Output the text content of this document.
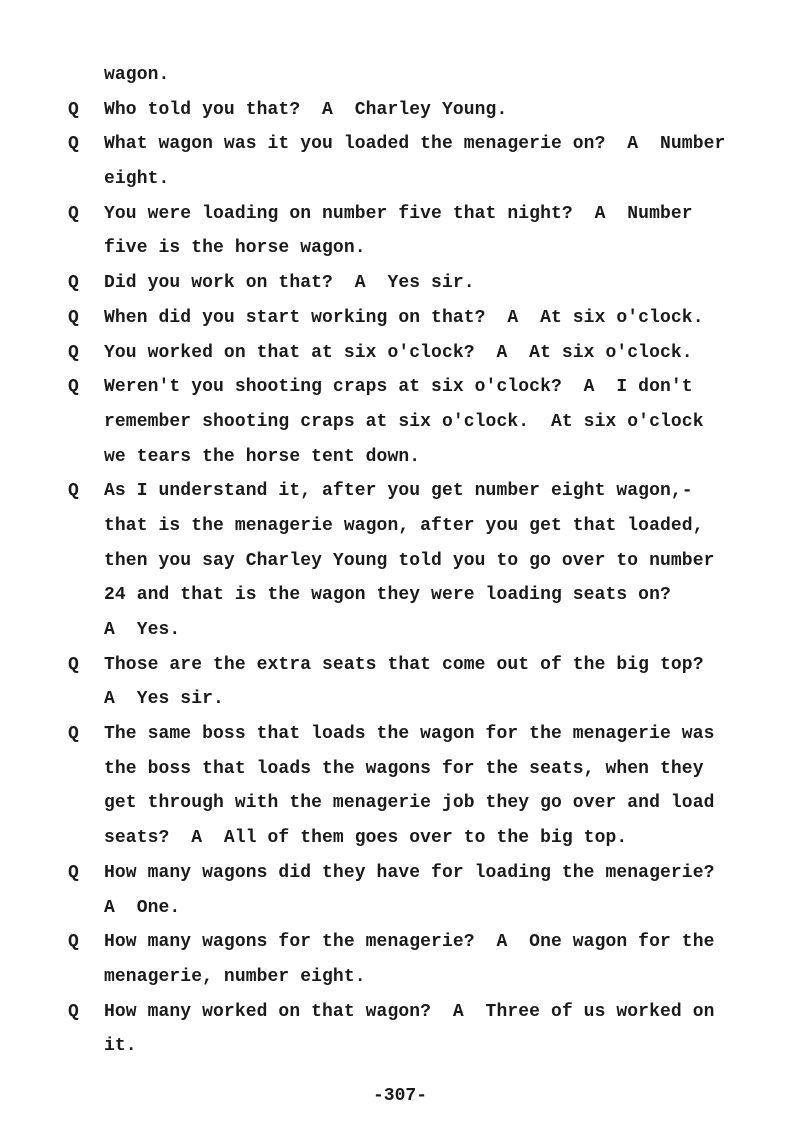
wagon.
Q Who told you that?  A  Charley Young.
Q What wagon was it you loaded the menagerie on?  A  Number
eight.
Q You were loading on number five that night?  A  Number
five is the horse wagon.
Q Did you work on that?  A  Yes sir.
Q When did you start working on that?  A  At six o'clock.
Q You worked on that at six o'clock?  A  At six o'clock.
Q Weren't you shooting craps at six o'clock?  A  I don't
remember shooting craps at six o'clock.  At six o'clock
we tears the horse tent down.
Q As I understand it, after you get number eight wagon,-
that is the menagerie wagon, after you get that loaded,
then you say Charley Young told you to go over to number
24 and that is the wagon they were loading seats on?
A  Yes.
Q Those are the extra seats that come out of the big top?
A  Yes sir.
Q The same boss that loads the wagon for the menagerie was
the boss that loads the wagons for the seats, when they
get through with the menagerie job they go over and load
seats?  A  All of them goes over to the big top.
Q How many wagons did they have for loading the menagerie?
A  One.
Q How many wagons for the menagerie?  A  One wagon for the
menagerie, number eight.
Q How many worked on that wagon?  A  Three of us worked on
it.
-307-
